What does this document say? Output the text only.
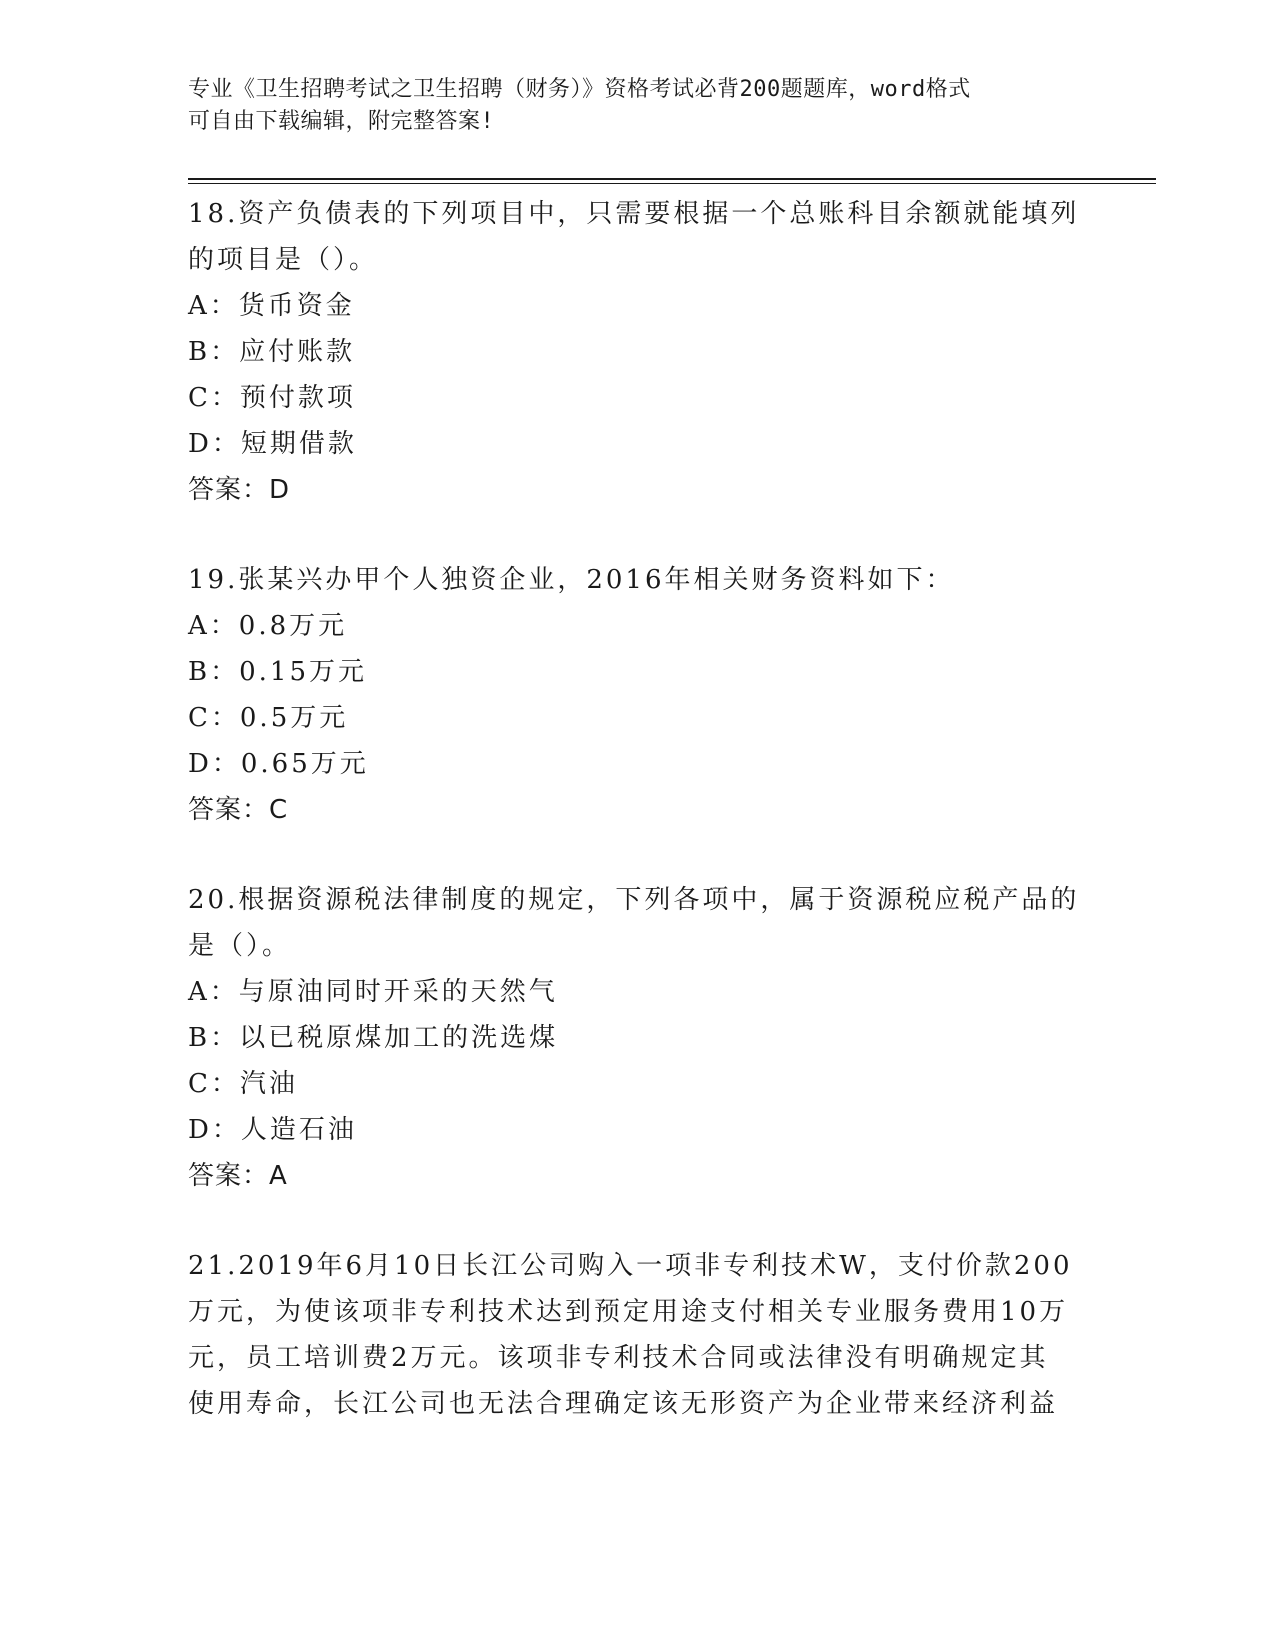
专业《卫生招聘考试之卫生招聘（财务）》资格考试必背200题题库，word格式
可自由下载编辑，附完整答案!
18.资产负债表的下列项目中，只需要根据一个总账科目余额就能填列
的项目是（）。
A：货币资金
B：应付账款
C：预付款项
D：短期借款
答案：D
19.张某兴办甲个人独资企业，2016年相关财务资料如下：
A：0.8万元
B：0.15万元
C：0.5万元
D：0.65万元
答案：C
20.根据资源税法律制度的规定，下列各项中，属于资源税应税产品的
是（）。
A：与原油同时开采的天然气
B：以已税原煤加工的洗选煤
C：汽油
D：人造石油
答案：A
21.2019年6月10日长江公司购入一项非专利技术W，支付价款200
万元，为使该项非专利技术达到预定用途支付相关专业服务费用10万
元，员工培训费2万元。该项非专利技术合同或法律没有明确规定其
使用寿命，长江公司也无法合理确定该无形资产为企业带来经济利益
